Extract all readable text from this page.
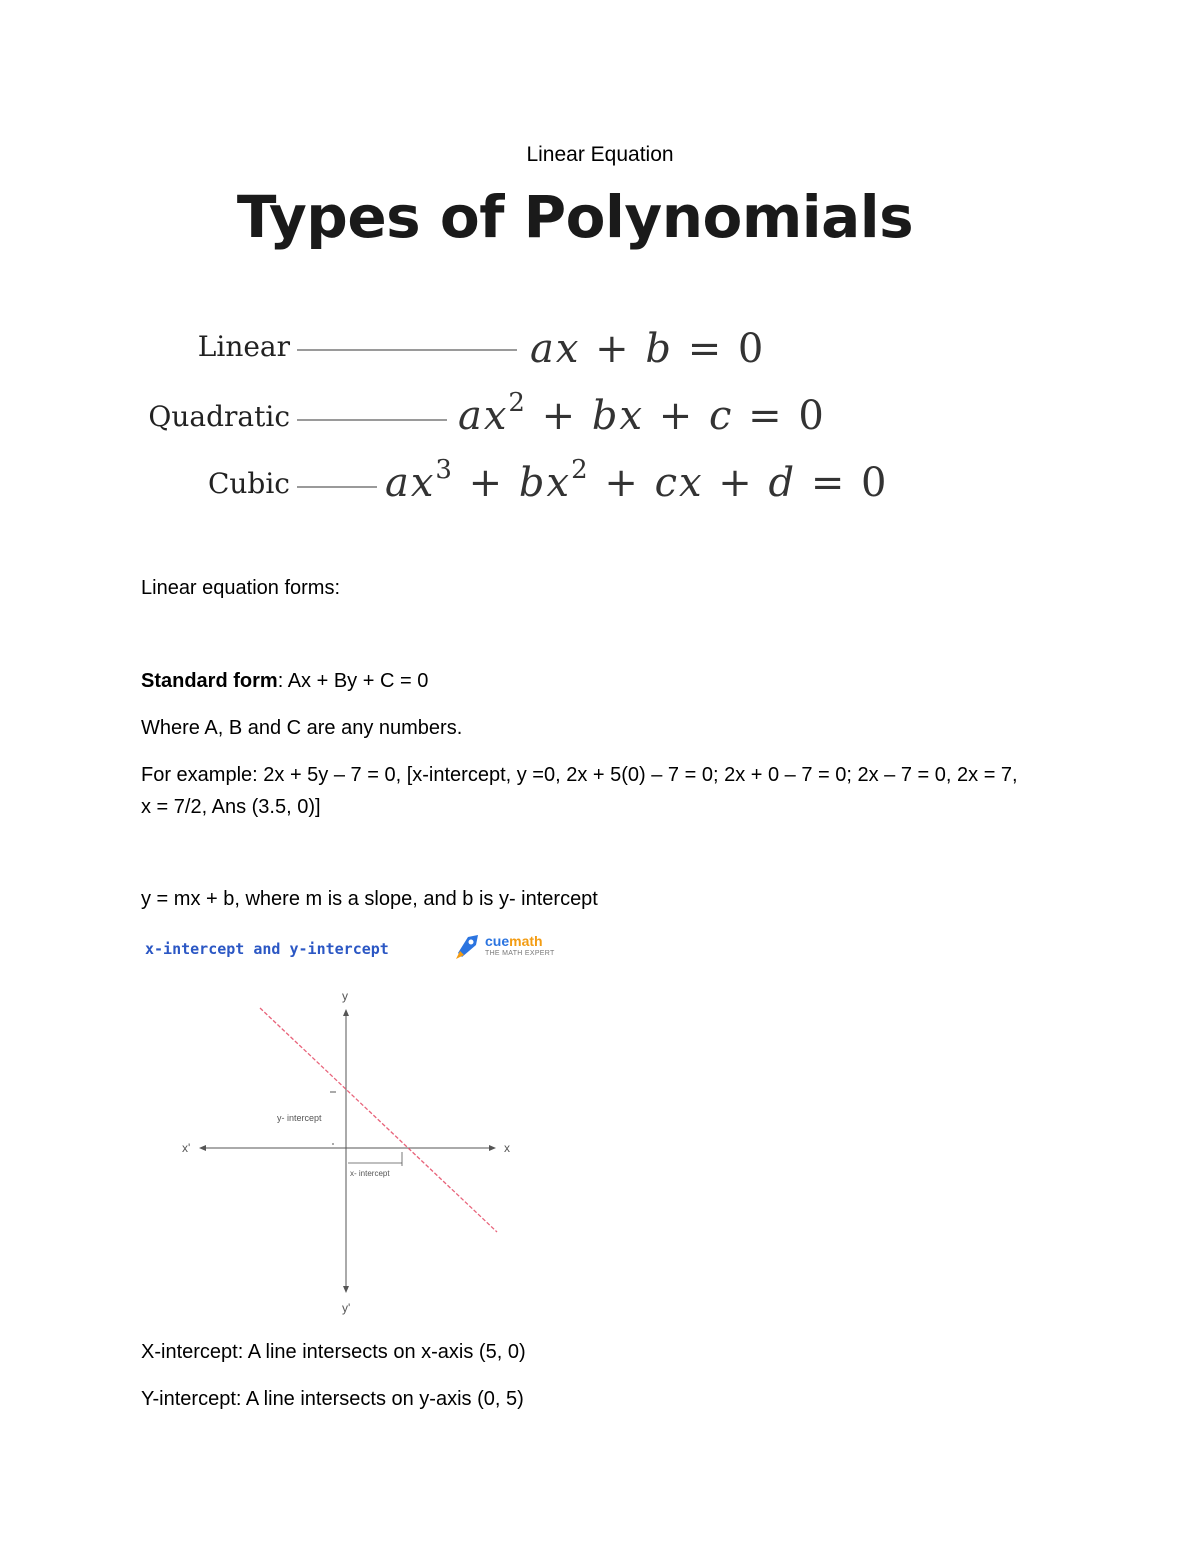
Linear Equation
Types of Polynomials
Linear	ax + b = 0
Quadratic	$ax^2$ + bx + c = 0
Cubic $ax^3 + bx^2$ + cx + d = 0
Linear equation forms:
Standard form: Ax + By + C = 0
Where A, B and C are any numbers.
For example: 2x + 5y – 7 = 0, [x-intercept, y =0, 2x + 5(0) – 7 = 0; 2x + 0 – 7 = 0; 2x – 7 = 0, 2x = 7,
x = 7/2, Ans (3.5, 0)]
y = mx + b, where m is a slope, and b is y- intercept
x-intercept and y-intercept	cuemath
THE MATH EXPERT
y
y'
x
x'
y- intercept
x- intercept
X-intercept: A line intersects on x-axis (5, 0)
Y-intercept: A line intersects on y-axis (0, 5)
